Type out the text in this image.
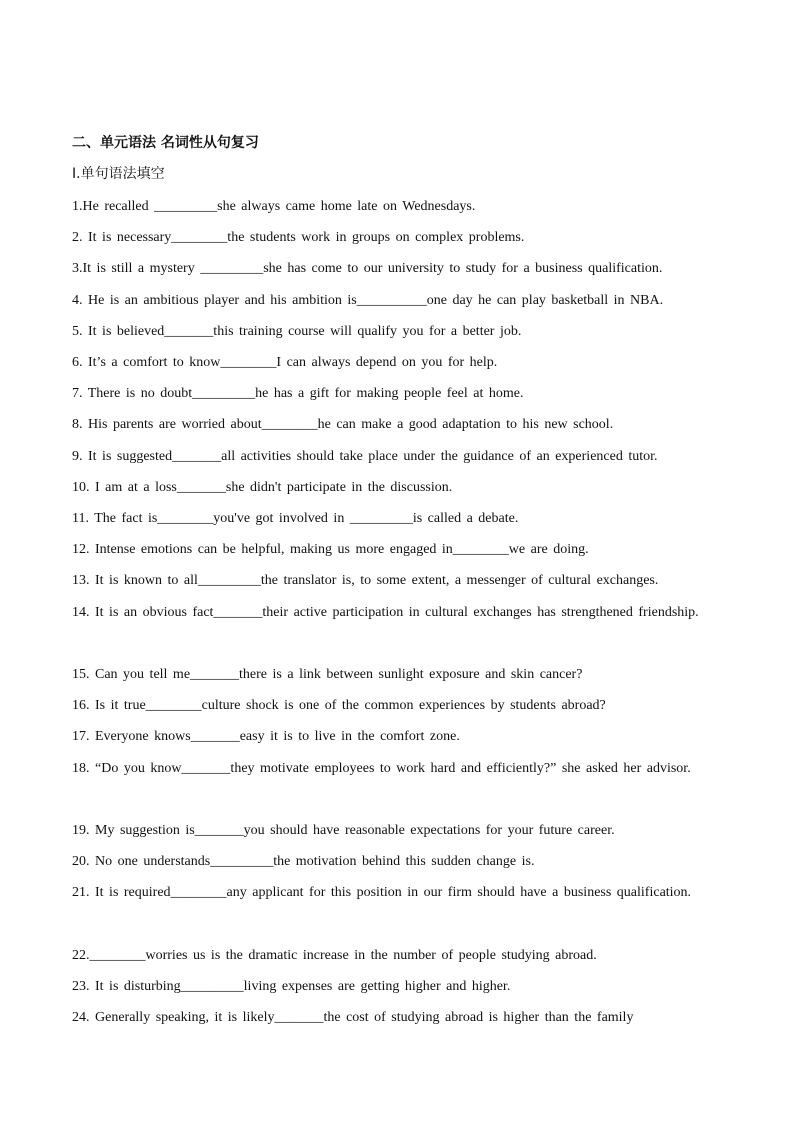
二、单元语法 名词性从句复习
I.单句语法填空

1.He recalled _________she always came home late on Wednesdays.

2. It is necessary________the students work in groups on complex problems.

3.It is still a mystery _________she has come to our university to study for a business qualification.

4. He is an ambitious player and his ambition is__________one day he can play basketball in NBA.

5. It is believed_______this training course will qualify you for a better job.

6. It’s a comfort to know________I can always depend on you for help.

7. There is no doubt_________he has a gift for making people feel at home.

8. His parents are worried about________he can make a good adaptation to his new school.

9. It is suggested_______all activities should take place under the guidance of an experienced tutor.

10. I am at a loss_______she didn't participate in the discussion.

11. The fact is________you've got involved in _________is called a debate.

12. Intense emotions can be helpful, making us more engaged in________we are doing.

13. It is known to all_________the translator is, to some extent, a messenger of cultural exchanges.

14. It is an obvious fact_______their active participation in cultural exchanges has strengthened friendship.

15. Can you tell me_______there is a link between sunlight exposure and skin cancer?

16. Is it true________culture shock is one of the common experiences by students abroad?

17. Everyone knows_______easy it is to live in the comfort zone.

18. “Do you know_______they motivate employees to work hard and efficiently?” she asked her advisor.

19. My suggestion is_______you should have reasonable expectations for your future career.

20. No one understands_________the motivation behind this sudden change is.

21. It is required________any applicant for this position in our firm should have a business qualification.

22.________worries us is the dramatic increase in the number of people studying abroad.

23. It is disturbing_________living expenses are getting higher and higher.

24. Generally speaking, it is likely_______the cost of studying abroad is higher than the family
